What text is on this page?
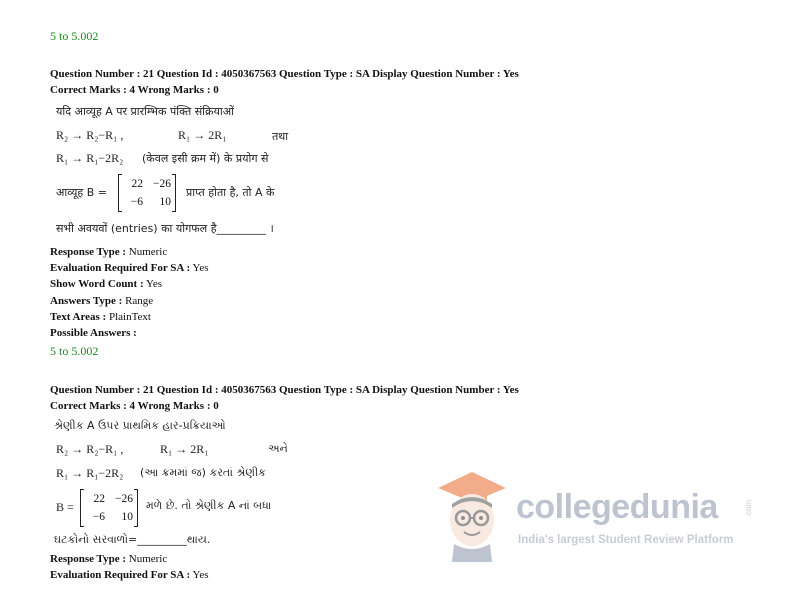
5 to 5.002
Question Number : 21 Question Id : 4050367563 Question Type : SA Display Question Number : Yes
Correct Marks : 4 Wrong Marks : 0
यदि आव्यूह A पर प्रारम्भिक पंक्ति संक्रियाओं
R₂ → R₂−R₁ ,	R₁ → 2R₁	तथा
R₁ → R₁−2R₂ (केवल इसी क्रम में) के प्रयोग से
आव्यूह B =
22 −26
−6	10
प्राप्त होता है, तो A के
सभी अवयवों (entries) का योगफल है_________ ।
Response Type : Numeric
Evaluation Required For SA : Yes
Show Word Count : Yes
Answers Type : Range
Text Areas : PlainText
Possible Answers :
5 to 5.002
Question Number : 21 Question Id : 4050367563 Question Type : SA Display Question Number : Yes
Correct Marks : 4 Wrong Marks : 0
શ્રેણીક A ઉપર પ્રાથમિક હાર-પ્રક્રિયાઓ
R₂ → R₂−R₁ ,	R₁ → 2R₁	અને
R₁ → R₁−2R₂ (આ ક્રમમાં જ) કરતાં શ્રેણીક
B =
22 −26
−6	10
મળે છે. તો શ્રેણીક A નાં બધા
ઘટકોનો સરવાળો=_________થાય.
Response Type : Numeric
Evaluation Required For SA : Yes
collegedunia	.com
India's largest Student Review Platform
